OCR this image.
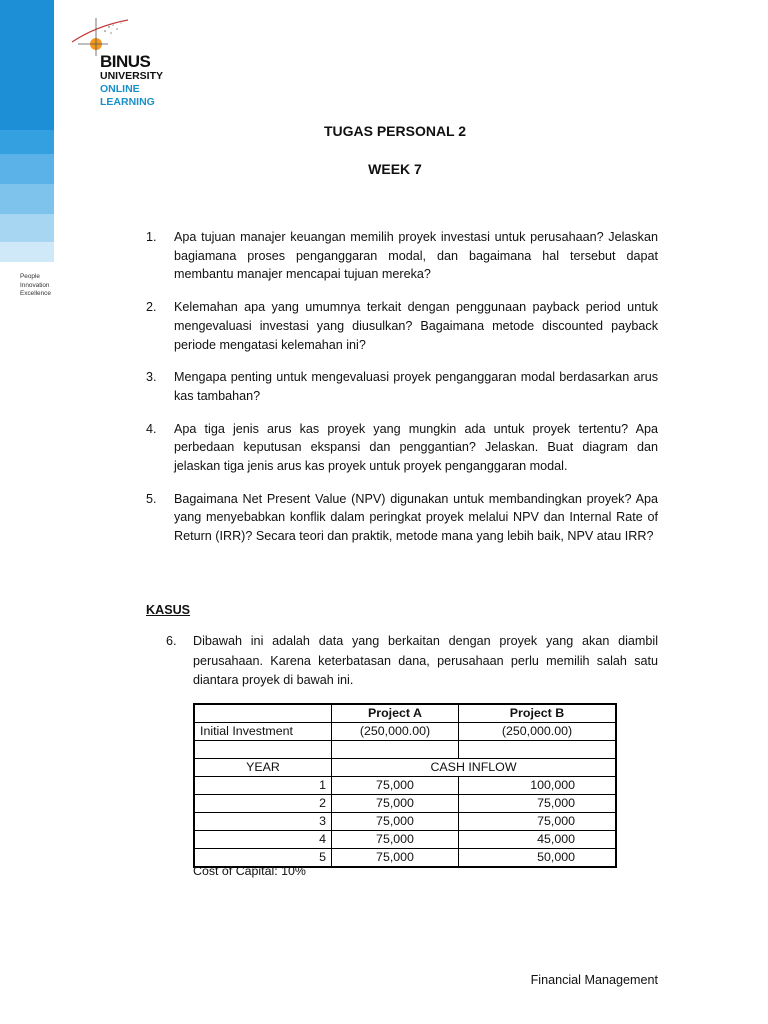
People
Innovation
Excellence
BINUS
UNIVERSITY
ONLINE
LEARNING
TUGAS PERSONAL 2
WEEK 7
1.	Apa tujuan manajer keuangan memilih proyek investasi untuk perusahaan? Jelaskan bagiamana proses penganggaran modal, dan bagaimana hal tersebut dapat membantu manajer mencapai tujuan mereka?
2.	Kelemahan apa yang umumnya terkait dengan penggunaan payback period untuk mengevaluasi investasi yang diusulkan? Bagaimana metode discounted payback periode mengatasi kelemahan ini?
3.	Mengapa penting untuk mengevaluasi proyek penganggaran modal berdasarkan arus kas tambahan?
4.	Apa tiga jenis arus kas proyek yang mungkin ada untuk proyek tertentu? Apa perbedaan keputusan ekspansi dan penggantian? Jelaskan. Buat diagram dan jelaskan tiga jenis arus kas proyek untuk proyek penganggaran modal.
5.	Bagaimana Net Present Value (NPV) digunakan untuk membandingkan proyek? Apa yang menyebabkan konflik dalam peringkat proyek melalui NPV dan Internal Rate of Return (IRR)? Secara teori dan praktik, metode mana yang lebih baik, NPV atau IRR?
KASUS
6.	Dibawah ini adalah data yang berkaitan dengan proyek yang akan diambil perusahaan. Karena keterbatasan dana, perusahaan perlu memilih salah satu diantara proyek di bawah ini.
	Project A	Project B
Initial Investment	(250,000.00)	(250,000.00)

YEAR	CASH INFLOW	
1	75,000	100,000
2	75,000	75,000
3	75,000	75,000
4	75,000	45,000
5	75,000	50,000
Cost of Capital: 10%
Financial Management
